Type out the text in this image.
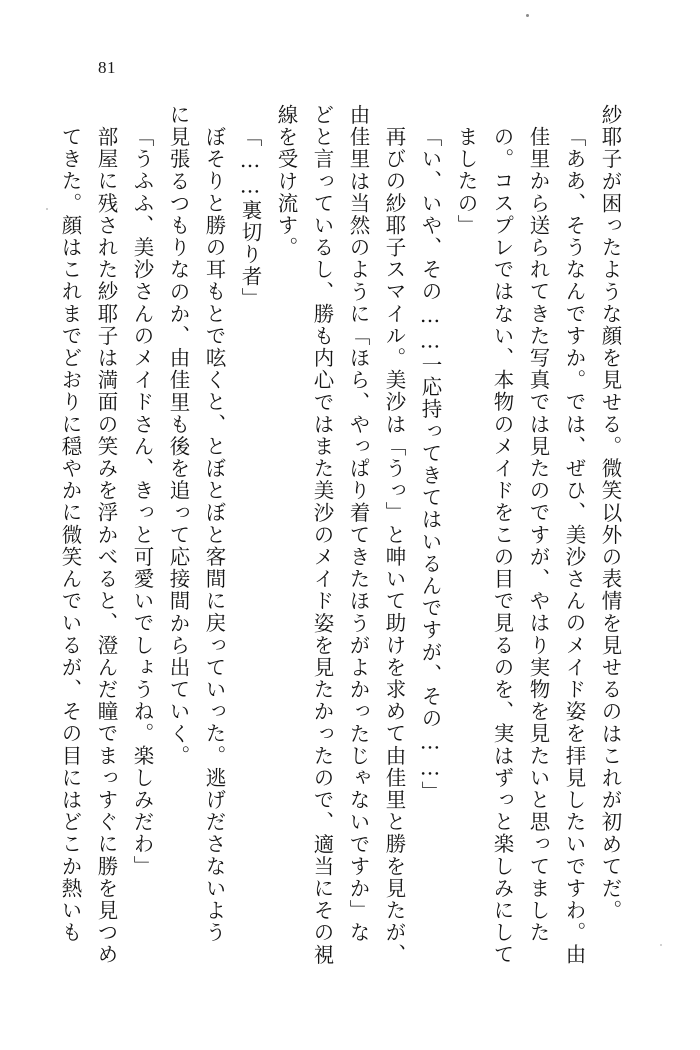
81
紗耶子が困ったような顔を見せる。微笑以外の表情を見せるのはこれが初めてだ。
「ああ、そうなんですか。では、ぜひ、美沙さんのメイド姿を拝見したいですわ。由佳里から送られてきた写真では見たのですが、やはり実物を見たいと思ってましたの。コスプレではない、本物のメイドをこの目で見るのを、実はずっと楽しみにしてましたの」
「い、いや、その……一応持ってきてはいるんですが、その……」
再びの紗耶子スマイル。美沙は「うっ」と呻いて助けを求めて由佳里と勝を見たが、
由佳里は当然のように「ほら、やっぱり着てきたほうがよかったじゃないですか」な
どと言っているし、勝も内心ではまた美沙のメイド姿を見たかったので、適当にその視線を受け流す。
「……裏切り者」
ぼそりと勝の耳もとで呟くと、とぼとぼと客間に戻っていった。逃げださないよう
に見張るつもりなのか、由佳里も後を追って応接間から出ていく。
「うふふ、美沙さんのメイドさん、きっと可愛いでしょうね。楽しみだわ」
部屋に残された紗耶子は満面の笑みを浮かべると、澄んだ瞳でまっすぐに勝を見つめてきた。顔はこれまでどおりに穏やかに微笑んでいるが、その目にはどこか熱いも
